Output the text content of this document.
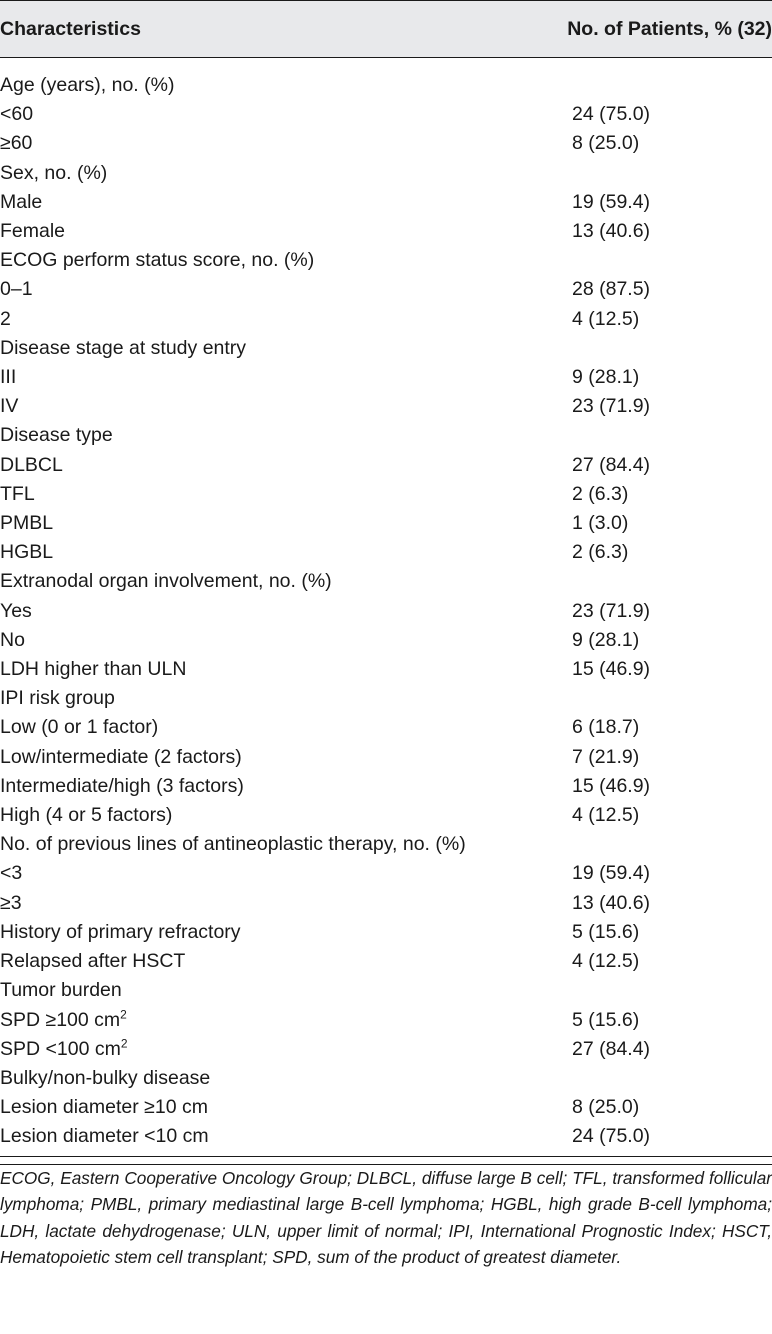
Characteristics	No. of Patients, % (32)
Age (years), no. (%)	
<60	24 (75.0)
≥60	8 (25.0)
Sex, no. (%)	
Male	19 (59.4)
Female	13 (40.6)
ECOG perform status score, no. (%)	
0–1	28 (87.5)
2	4 (12.5)
Disease stage at study entry	
III	9 (28.1)
IV	23 (71.9)
Disease type	
DLBCL	27 (84.4)
TFL	2 (6.3)
PMBL	1 (3.0)
HGBL	2 (6.3)
Extranodal organ involvement, no. (%)	
Yes	23 (71.9)
No	9 (28.1)
LDH higher than ULN	15 (46.9)
IPI risk group	
Low (0 or 1 factor)	6 (18.7)
Low/intermediate (2 factors)	7 (21.9)
Intermediate/high (3 factors)	15 (46.9)
High (4 or 5 factors)	4 (12.5)
No. of previous lines of antineoplastic therapy, no. (%)	
<3	19 (59.4)
≥3	13 (40.6)
History of primary refractory	5 (15.6)
Relapsed after HSCT	4 (12.5)
Tumor burden	
SPD ≥100 $cm^2$	5 (15.6)
SPD <100 $cm^2$	27 (84.4)
Bulky/non-bulky disease	
Lesion diameter ≥10 cm	8 (25.0)
Lesion diameter <10 cm	24 (75.0)
ECOG, Eastern Cooperative Oncology Group; DLBCL, diffuse large B cell; TFL, transformed follicular lymphoma; PMBL, primary mediastinal large B-cell lymphoma; HGBL, high grade B-cell lymphoma; LDH, lactate dehydrogenase; ULN, upper limit of normal; IPI, International Prognostic Index; HSCT, Hematopoietic stem cell transplant; SPD, sum of the product of greatest diameter.
